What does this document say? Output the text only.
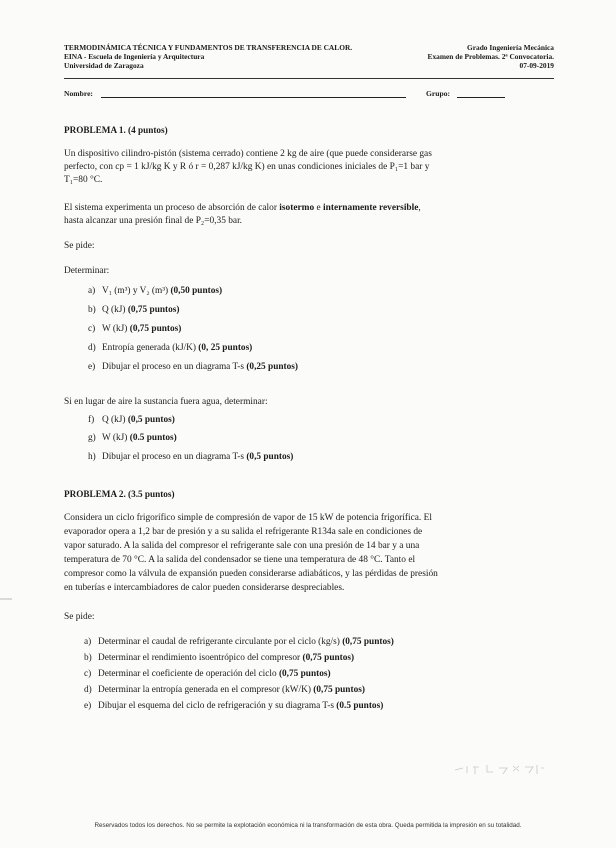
TERMODINÁMICA TÉCNICA Y FUNDAMENTOS DE TRANSFERENCIA DE CALOR.	Grado Ingeniería Mecánica
EINA - Escuela de Ingeniería y Arquitectura	Examen de Problemas. 2ª Convocatoria.
Universidad de Zaragoza	07-09-2019
Nombre:	Grupo:
PROBLEMA 1. (4 puntos)
Un dispositivo cilindro-pistón (sistema cerrado) contiene 2 kg de aire (que puede considerarse gas
perfecto, con cp = 1 kJ/kg K y R ó r = 0,287 kJ/kg K) en unas condiciones iniciales de P₁=1 bar y
T₁=80 °C.
El sistema experimenta un proceso de absorción de calor isotermo e internamente reversible,
hasta alcanzar una presión final de P₂=0,35 bar.
Se pide:
Determinar:
a) V₁ (m³) y V₂ (m³) (0,50 puntos)
b) Q (kJ) (0,75 puntos)
c) W (kJ) (0,75 puntos)
d) Entropía generada (kJ/K) (0, 25 puntos)
e) Dibujar el proceso en un diagrama T-s (0,25 puntos)
Si en lugar de aire la sustancia fuera agua, determinar:
f) Q (kJ) (0,5 puntos)
g) W (kJ) (0.5 puntos)
h) Dibujar el proceso en un diagrama T-s (0,5 puntos)
PROBLEMA 2. (3.5 puntos)
Considera un ciclo frigorífico simple de compresión de vapor de 15 kW de potencia frigorífica. El
evaporador opera a 1,2 bar de presión y a su salida el refrigerante R134a sale en condiciones de
vapor saturado. A la salida del compresor el refrigerante sale con una presión de 14 bar y a una
temperatura de 70 °C. A la salida del condensador se tiene una temperatura de 48 °C. Tanto el
compresor como la válvula de expansión pueden considerarse adiabáticos, y las pérdidas de presión
en tuberías e intercambiadores de calor pueden considerarse despreciables.
Se pide:
a) Determinar el caudal de refrigerante circulante por el ciclo (kg/s) (0,75 puntos)
b) Determinar el rendimiento isoentrópico del compresor (0,75 puntos)
c) Determinar el coeficiente de operación del ciclo (0,75 puntos)
d) Determinar la entropía generada en el compresor (kW/K) (0,75 puntos)
e) Dibujar el esquema del ciclo de refrigeración y su diagrama T-s (0.5 puntos)
Reservados todos los derechos. No se permite la explotación económica ni la transformación de esta obra. Queda permitida la impresión en su totalidad.
